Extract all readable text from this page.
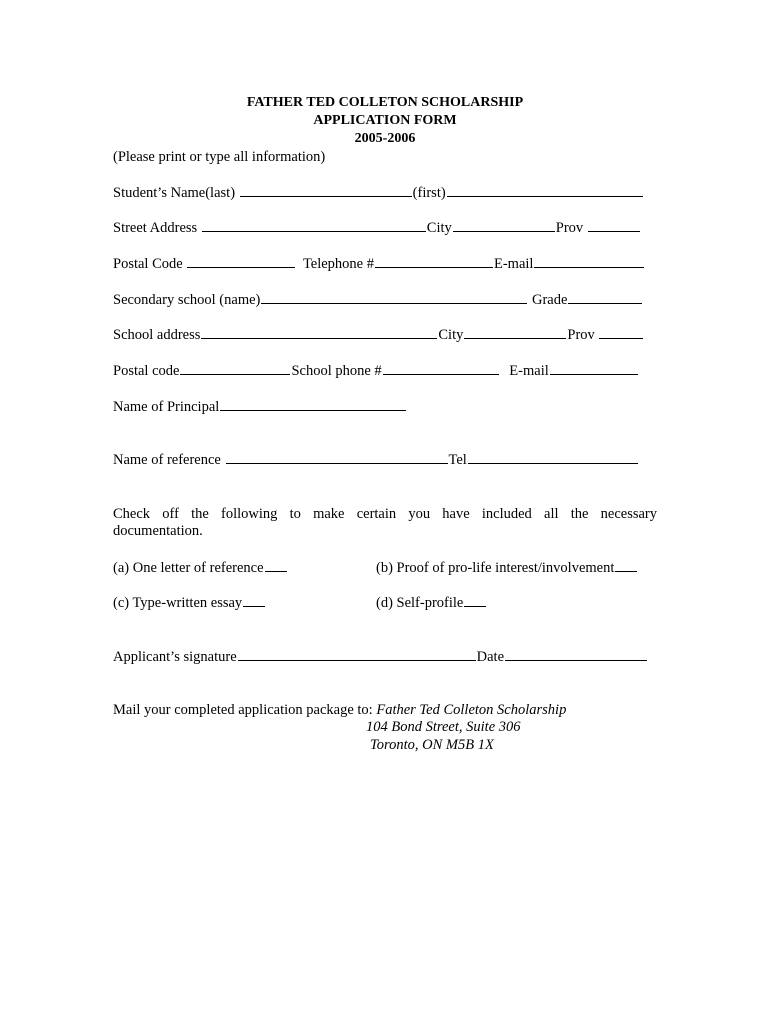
FATHER TED COLLETON SCHOLARSHIP
APPLICATION FORM
2005-2006
(Please print or type all information)
Student’s Name(last)	(first)
Street Address	City	Prov
Postal Code	Telephone #	E-mail
Secondary school (name)	Grade
School address	City	Prov
Postal code	School phone #	E-mail
Name of Principal
Name of reference	Tel
Check off the following to make certain you have included all the necessary
documentation.
(a) One letter of reference	(b) Proof of pro-life interest/involvement
(c) Type-written essay	(d) Self-profile
Applicant’s signature	Date
Mail your completed application package to: Father Ted Colleton Scholarship
104 Bond Street, Suite 306
Toronto, ON M5B 1X
